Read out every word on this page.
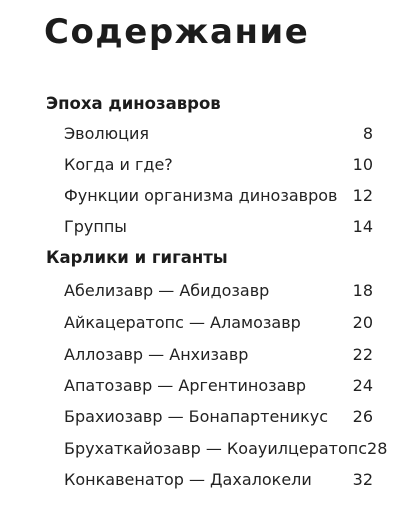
Содержание
Эпоха динозавров
Эволюция	8
Когда и где?	10
Функции организма динозавров 12
Группы	14
Карлики и гиганты
Абелизавр — Абидозавр	18
Айкацератопс — Аламозавр	20
Аллозавр — Анхизавр	22
Апатозавр — Аргентинозавр	24
Брахиозавр — Бонапартеникус 26
Брухаткайозавр — Коауилцератопс 28
Конкавенатор — Дахалокели	32
